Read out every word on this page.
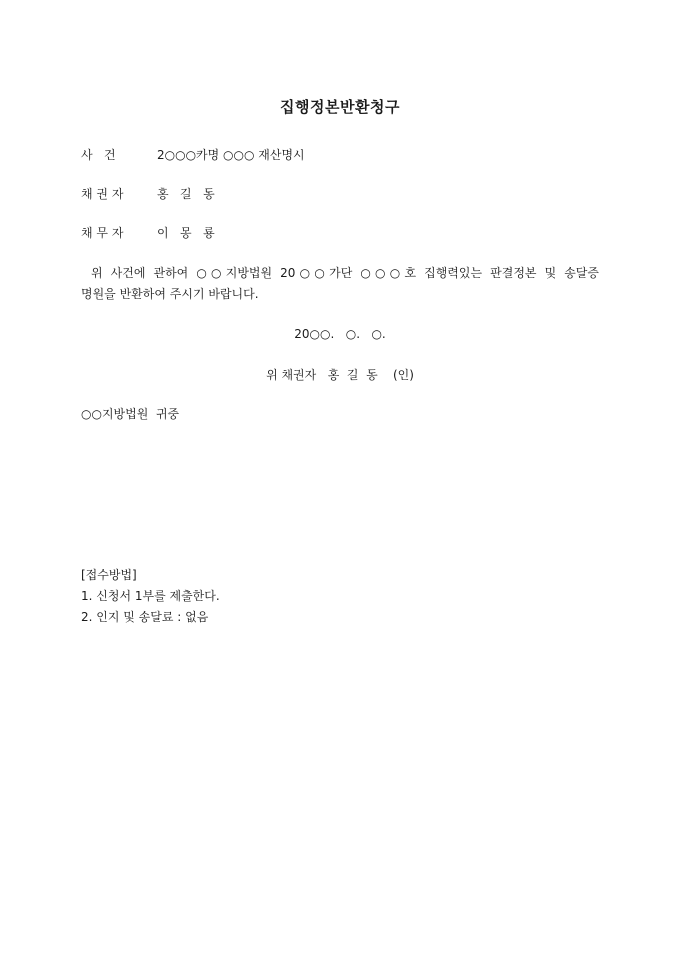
집행정본반환청구
사   건	2○○○카명 ○○○ 재산명시
채 권 자	홍   길   동
채 무 자	이   몽   룡
위 사건에 관하여 ○○지방법원 20○○가단 ○○○호 집행력있는 판결정본 및 송달증
명원을 반환하여 주시기 바랍니다.
20○○.   ○.   ○.
위 채권자   홍  길  동    (인)
○○지방법원  귀중
[접수방법]
1. 신청서 1부를 제출한다.
2. 인지 및 송달료 : 없음
